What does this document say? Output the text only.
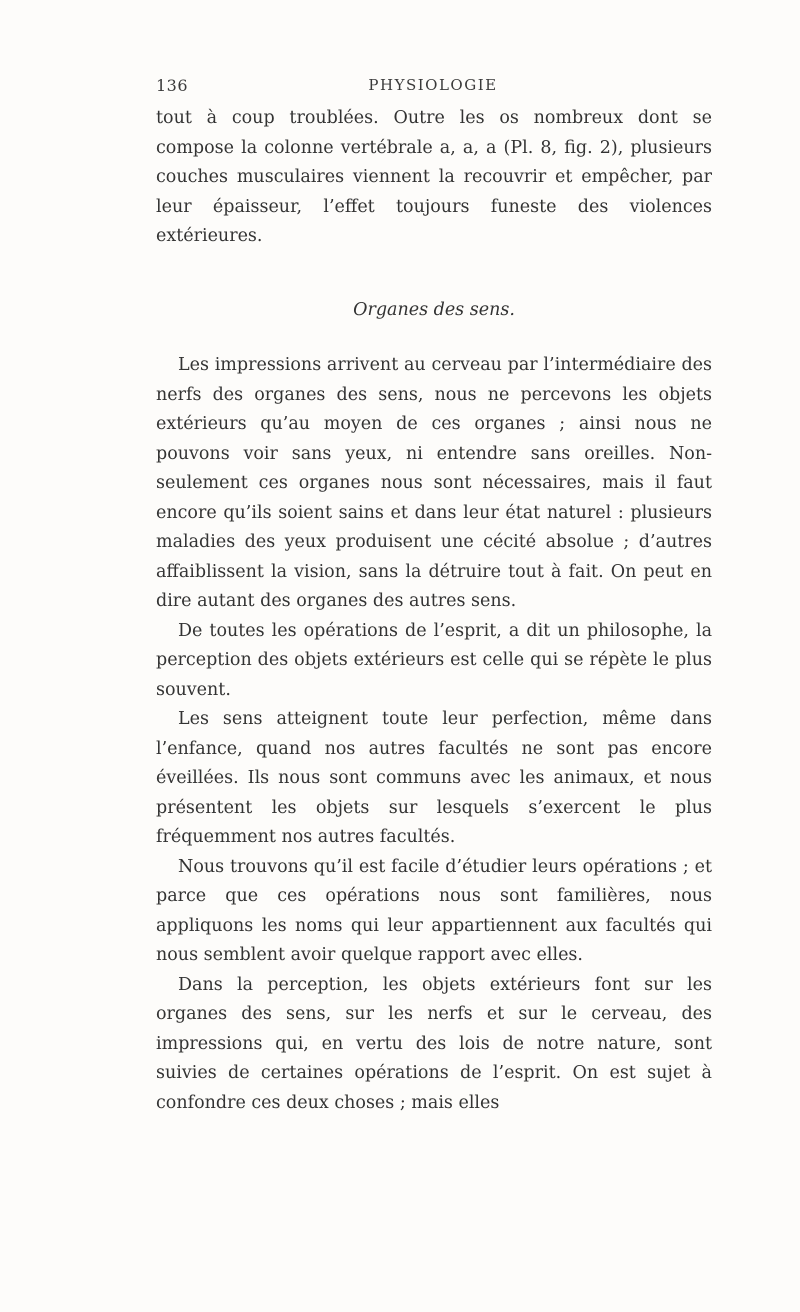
136	PHYSIOLOGIE

tout à coup troublées. Outre les os nombreux dont se compose la colonne vertébrale a, a, a (Pl. 8, fig. 2), plusieurs couches musculaires viennent la recouvrir et empêcher, par leur épaisseur, l’effet toujours funeste des violences extérieures.

Organes des sens.

Les impressions arrivent au cerveau par l’intermédiaire des nerfs des organes des sens, nous ne percevons les objets extérieurs qu’au moyen de ces organes ; ainsi nous ne pouvons voir sans yeux, ni entendre sans oreilles. Non-seulement ces organes nous sont nécessaires, mais il faut encore qu’ils soient sains et dans leur état naturel : plusieurs maladies des yeux produisent une cécité absolue ; d’autres affaiblissent la vision, sans la détruire tout à fait. On peut en dire autant des organes des autres sens.

De toutes les opérations de l’esprit, a dit un philosophe, la perception des objets extérieurs est celle qui se répète le plus souvent.

Les sens atteignent toute leur perfection, même dans l’enfance, quand nos autres facultés ne sont pas encore éveillées. Ils nous sont communs avec les animaux, et nous présentent les objets sur lesquels s’exercent le plus fréquemment nos autres facultés.

Nous trouvons qu’il est facile d’étudier leurs opérations ; et parce que ces opérations nous sont familières, nous appliquons les noms qui leur appartiennent aux facultés qui nous semblent avoir quelque rapport avec elles.

Dans la perception, les objets extérieurs font sur les organes des sens, sur les nerfs et sur le cerveau, des impressions qui, en vertu des lois de notre nature, sont suivies de certaines opérations de l’esprit. On est sujet à confondre ces deux choses ; mais elles
